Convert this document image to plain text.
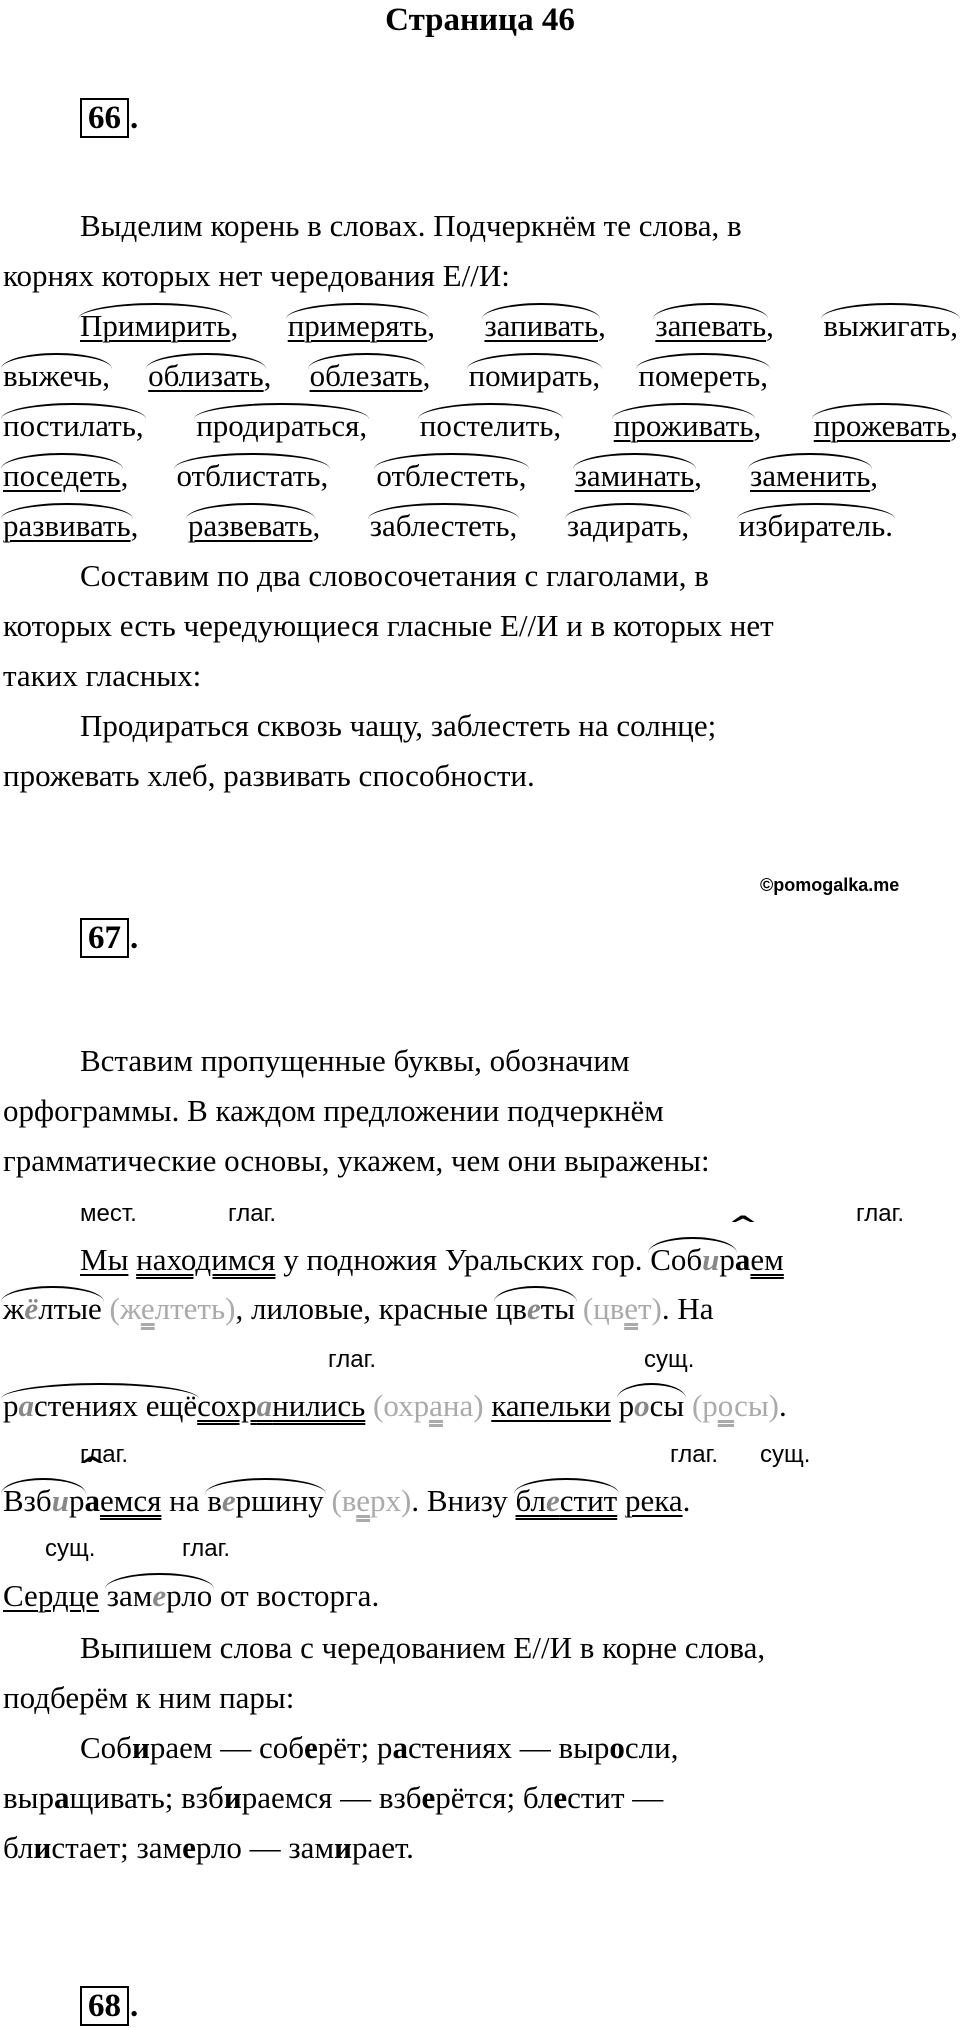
Страница 46
66 .
Выделим корень в словах. Подчеркнём те слова, в
корнях которых нет чередования Е//И:
Примирить, примерять, запивать, запевать, выжигать,
выжечь, облизать, облезать, помирать, помереть,
постилать, продираться, постелить, проживать, прожевать,
поседеть, отблистать, отблестеть, заминать, заменить,
развивать, развевать, заблестеть, задирать, избиратель.
Составим по два словосочетания с глаголами, в
которых есть чередующиеся гласные Е//И и в которых нет
таких гласных:
Продираться сквозь чащу, заблестеть на солнце;
прожевать хлеб, развивать способности.
©pomogalka.me
67 .
Вставим пропущенные буквы, обозначим
орфограммы. В каждом предложении подчеркнём
грамматические основы, укажем, чем они выражены:
мест.	глаг.	глаг.
глаг.	сущ.
глаг.	глаг. сущ.
сущ.	глаг.
Мы находимся у подножия Уральских гор. Собир^ аем
жёлтые (желтеть), лиловые, красные цветы (цвет). На
растениях ещёсохранились (охрана) капельки росы (росы).
Взбир^ аемся на вершину (верх). Внизу блестит река.
Сердце замерло от восторга.
Выпишем слова с чередованием Е//И в корне слова,
подберём к ним пары:
Собираем — соберёт; растениях — выросли,
выращивать; взбираемся — взберётся; блестит —
блистает; замерло — замирает.
68 .
